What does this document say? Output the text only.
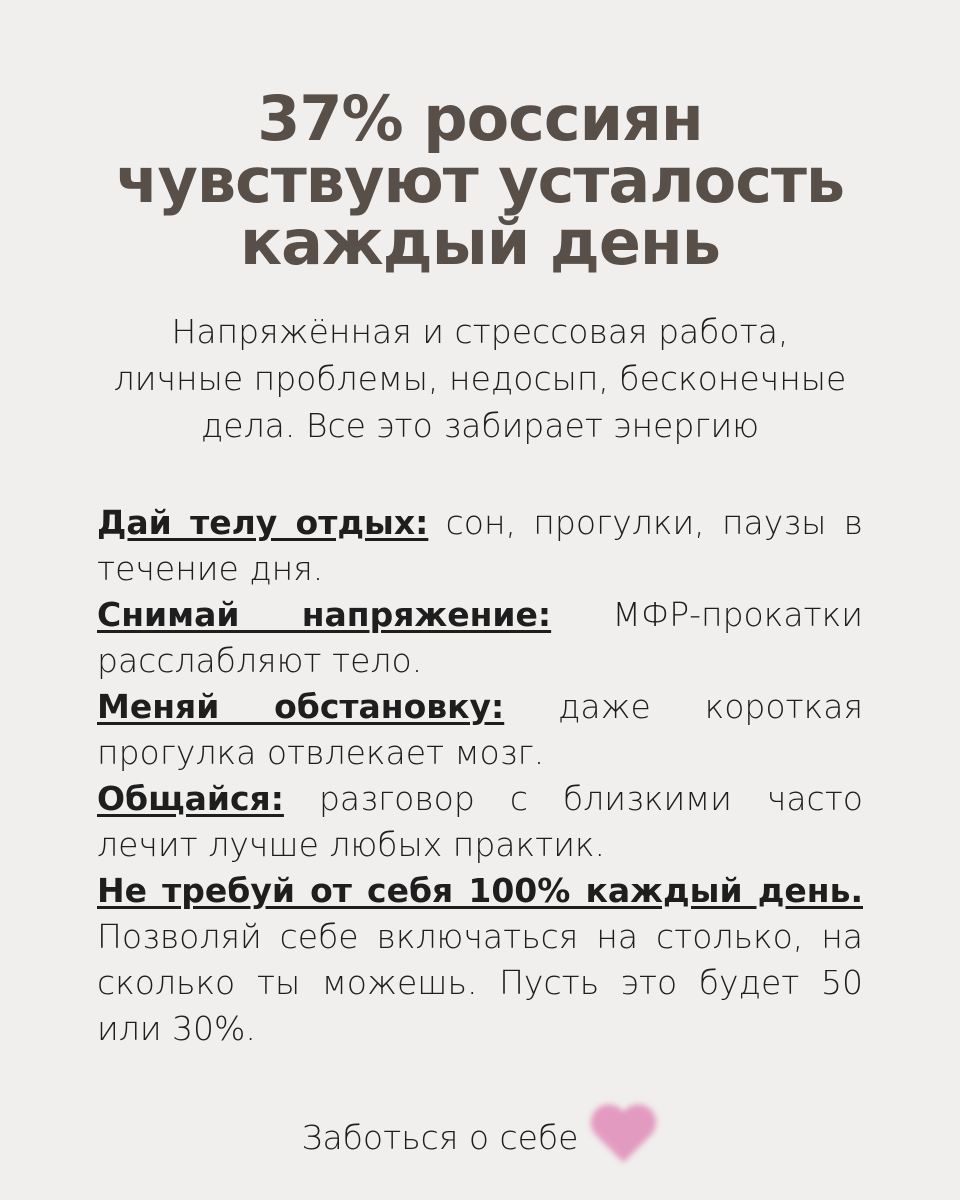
37% россиян
чувствуют усталость
каждый день
Напряжённая и стрессовая работа, личные проблемы, недосып, бесконечные дела. Все это забирает энергию

Дай телу отдых: сон, прогулки, паузы в течение дня.

Снимай напряжение: МФР-прокатки расслабляют тело.

Меняй обстановку: даже короткая прогулка отвлекает мозг.

Общайся: разговор с близкими часто лечит лучше любых практик.

Не требуй от себя 100% каждый день. Позволяй себе включаться на столько, на сколько ты можешь. Пусть это будет 50 или 30%.

Заботься о себе
